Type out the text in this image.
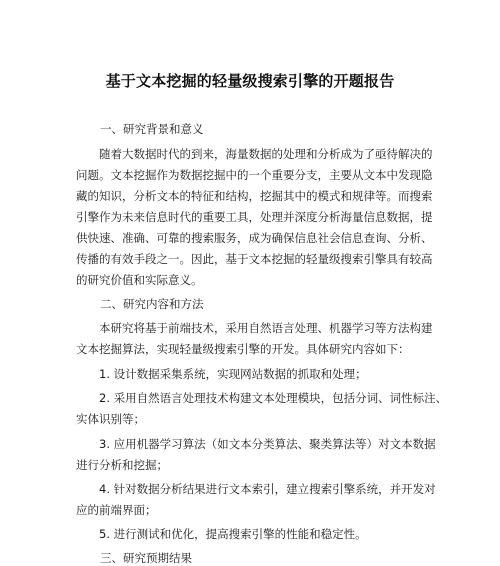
基于文本挖掘的轻量级搜索引擎的开题报告
一、研究背景和意义
随着大数据时代的到来，海量数据的处理和分析成为了亟待解决的
问题。文本挖掘作为数据挖掘中的一个重要分支，主要从文本中发现隐
藏的知识，分析文本的特征和结构，挖掘其中的模式和规律等。而搜索
引擎作为未来信息时代的重要工具，处理并深度分析海量信息数据，提
供快速、准确、可靠的搜索服务，成为确保信息社会信息查询、分析、
传播的有效手段之一。因此，基于文本挖掘的轻量级搜索引擎具有较高
的研究价值和实际意义。
二、研究内容和方法
本研究将基于前端技术，采用自然语言处理、机器学习等方法构建
文本挖掘算法，实现轻量级搜索引擎的开发。具体研究内容如下：
1. 设计数据采集系统，实现网站数据的抓取和处理；
2. 采用自然语言处理技术构建文本处理模块，包括分词、词性标注、
实体识别等；
3. 应用机器学习算法（如文本分类算法、聚类算法等）对文本数据
进行分析和挖掘；
4. 针对数据分析结果进行文本索引，建立搜索引擎系统，并开发对
应的前端界面；
5. 进行测试和优化，提高搜索引擎的性能和稳定性。
三、研究预期结果
